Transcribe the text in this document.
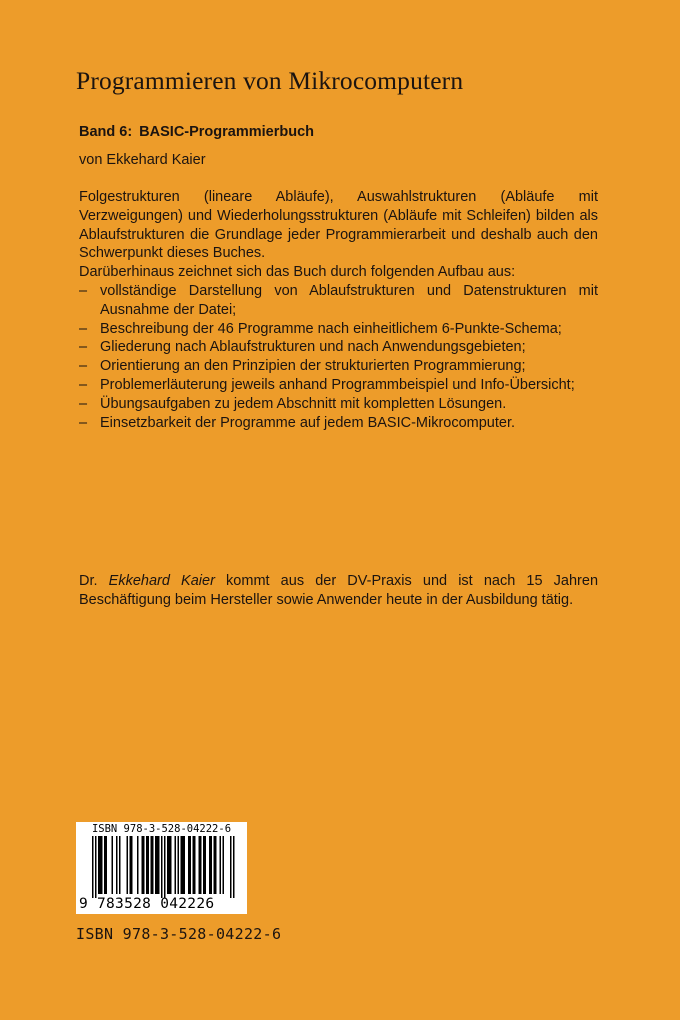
Programmieren von Mikrocomputern
Band 6: BASIC-Programmierbuch
von Ekkehard Kaier

Folgestrukturen (lineare Abläufe), Auswahlstrukturen (Abläufe mit Verzweigungen) und Wiederholungsstrukturen (Abläufe mit Schleifen) bilden als Ablaufstrukturen die Grundlage jeder Programmierarbeit und deshalb auch den Schwerpunkt dieses Buches.

Darüberhinaus zeichnet sich das Buch durch folgenden Aufbau aus:

– vollständige Darstellung von Ablaufstrukturen und Datenstrukturen mit Ausnahme der Datei;
– Beschreibung der 46 Programme nach einheitlichem 6-Punkte-Schema;
– Gliederung nach Ablaufstrukturen und nach Anwendungsgebieten;
– Orientierung an den Prinzipien der strukturierten Programmierung;
– Problemerläuterung jeweils anhand Programmbeispiel und Info-Übersicht;
– Übungsaufgaben zu jedem Abschnitt mit kompletten Lösungen.
– Einsetzbarkeit der Programme auf jedem BASIC-Mikrocomputer.

Dr. Ekkehard Kaier kommt aus der DV-Praxis und ist nach 15 Jahren Beschäftigung beim Hersteller sowie Anwender heute in der Ausbildung tätig.

ISBN 978-3-528-04222-6
9 783528 042226
ISBN 978-3-528-04222-6
